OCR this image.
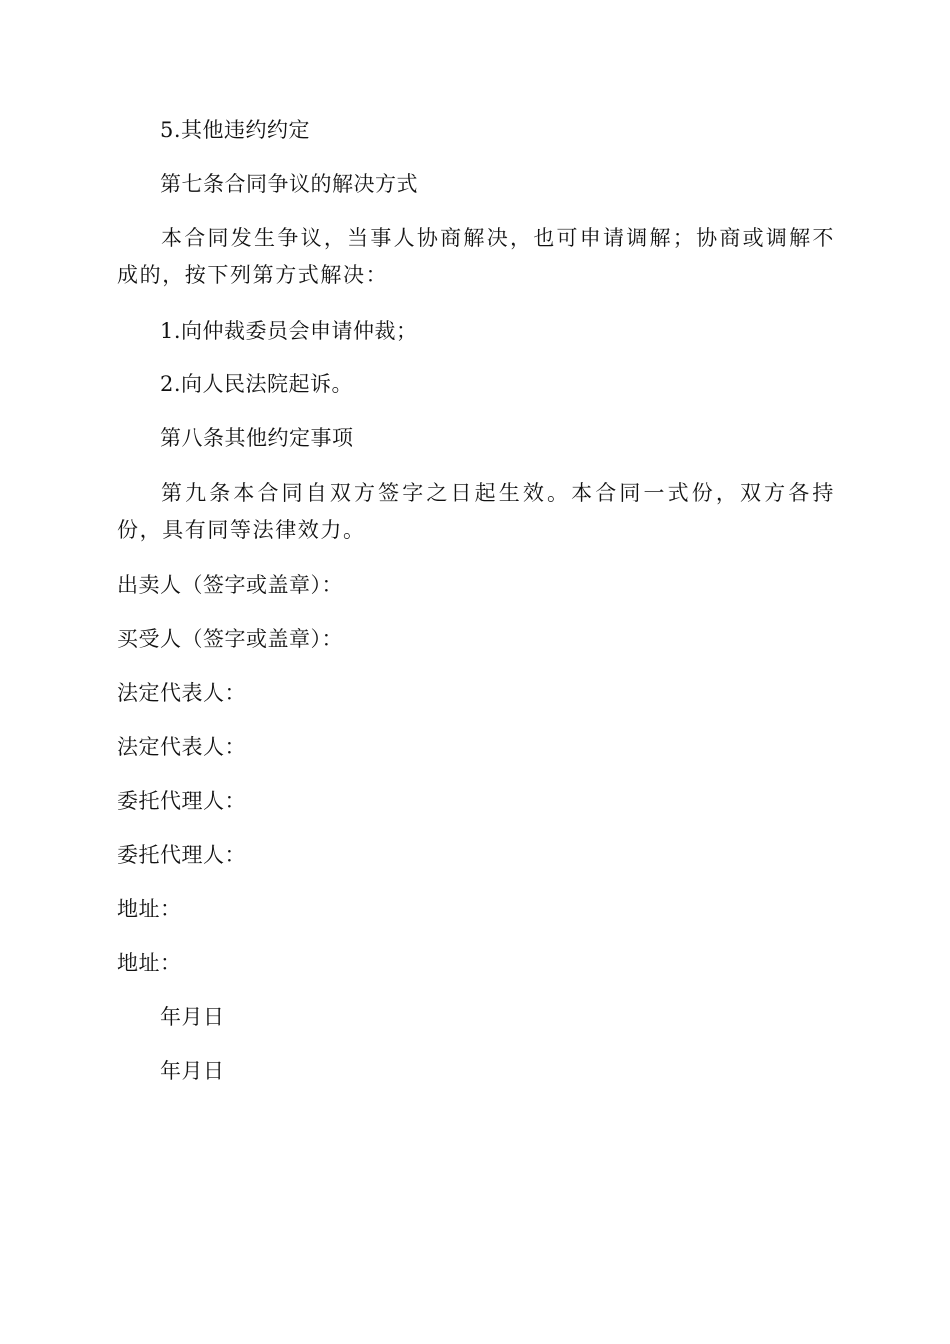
5.其他违约约定
第七条合同争议的解决方式
本合同发生争议，当事人协商解决，也可申请调解；协商或调解不成的，按下列第方式解决：
1.向仲裁委员会申请仲裁；
2.向人民法院起诉。
第八条其他约定事项
第九条本合同自双方签字之日起生效。本合同一式份，双方各持份，具有同等法律效力。
出卖人（签字或盖章）：
买受人（签字或盖章）：
法定代表人：
法定代表人：
委托代理人：
委托代理人：
地址：
地址：
年月日
年月日
